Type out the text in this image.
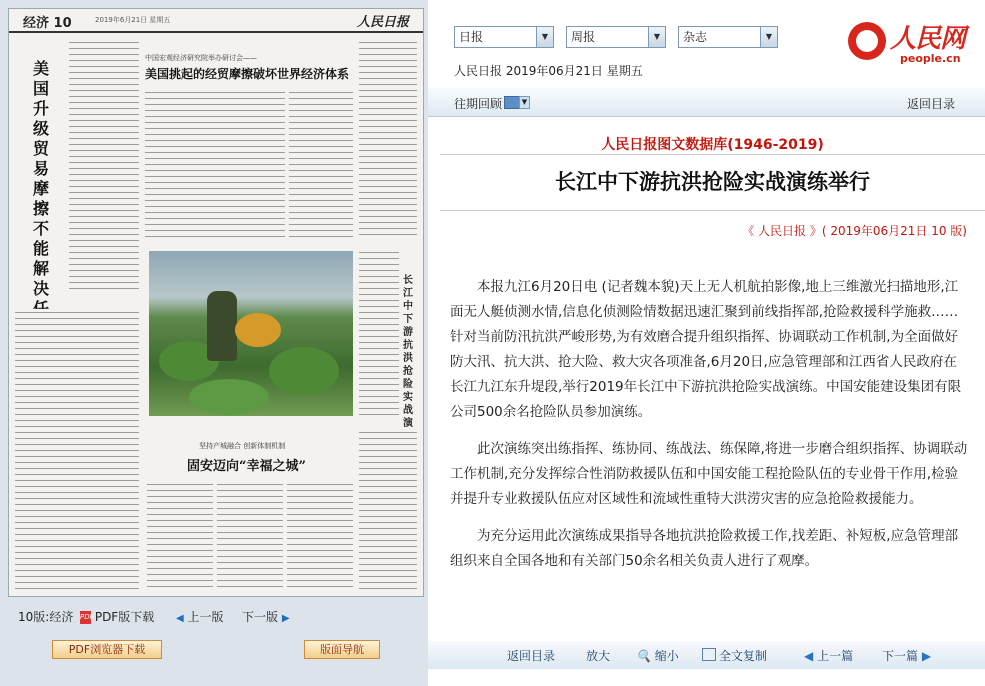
经济 10	2019年6月21日 星期五	人民日报
美国升级贸易摩擦不能解决
中国宏观经济研究院举办研讨会——
美国挑起的经贸摩擦破坏世界经济体系
长江中下游抗洪抢险实战演
坚持产城融合 创新体制机制
固安迈向“幸福之城”
10版:经济 PDF PDF版下载 ◀ 上一版 下一版 ▶
PDF浏览器下载	版面导航
日报	▼	周报	▼	杂志	▼
人民日报 2019年06月21日 星期五
人民网
people.cn
往期回顾	▼	返回目录
人民日报图文数据库(1946-2019)
长江中下游抗洪抢险实战演练举行
《 人民日报 》( 2019年06月21日 10 版)

本报九江6月20日电 (记者魏本貌)天上无人机航拍影像,地上三维激光扫描地形,江面无人艇侦测水情,信息化侦测险情数据迅速汇聚到前线指挥部,抢险救援科学施救……针对当前防汛抗洪严峻形势,为有效磨合提升组织指挥、协调联动工作机制,为全面做好防大汛、抗大洪、抢大险、救大灾各项准备,6月20日,应急管理部和江西省人民政府在长江九江东升堤段,举行2019年长江中下游抗洪抢险实战演练。中国安能建设集团有限公司500余名抢险队员参加演练。

此次演练突出练指挥、练协同、练战法、练保障,将进一步磨合组织指挥、协调联动工作机制,充分发挥综合性消防救援队伍和中国安能工程抢险队伍的专业骨干作用,检验并提升专业救援队伍应对区域性和流域性重特大洪涝灾害的应急抢险救援能力。

为充分运用此次演练成果指导各地抗洪抢险救援工作,找差距、补短板,应急管理部组织来自全国各地和有关部门50余名相关负责人进行了观摩。

返回目录	放大 🔍 缩小	全文复制	◀ 上一篇 下一篇 ▶
